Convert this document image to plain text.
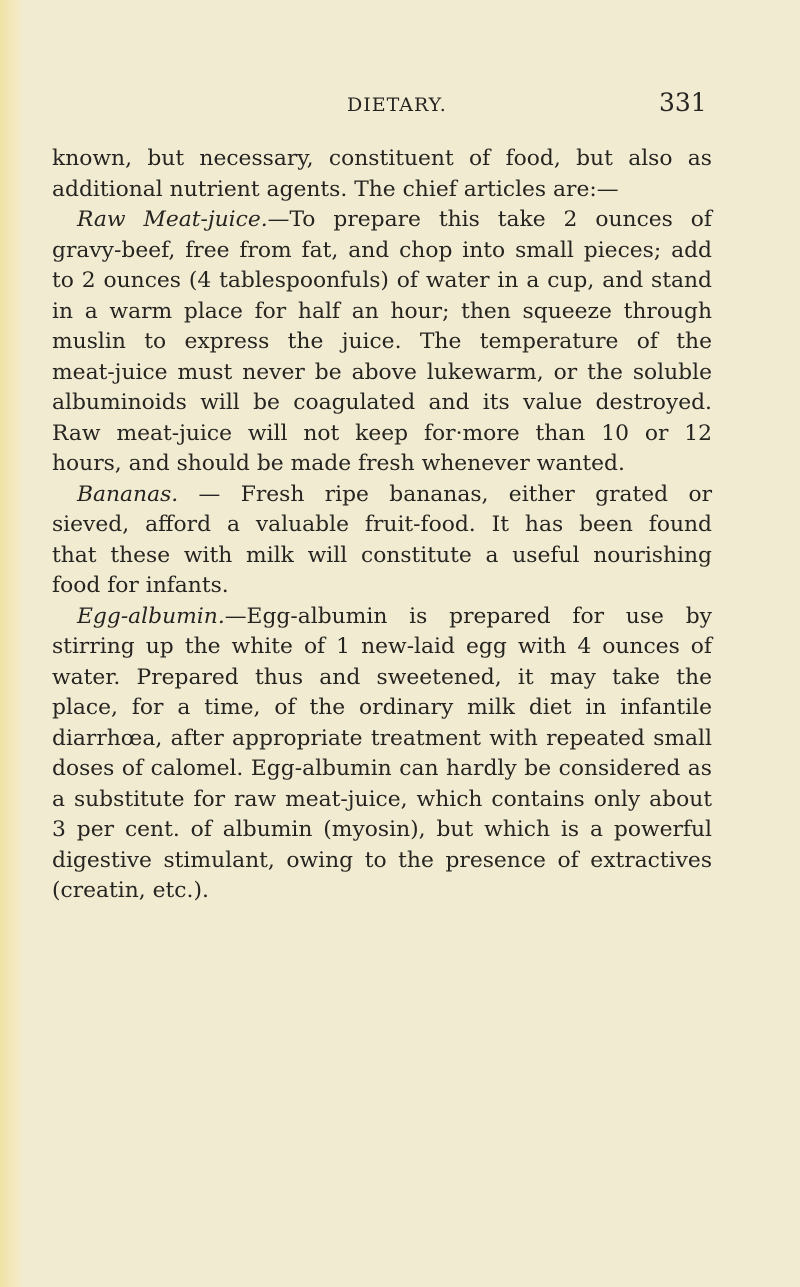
DIETARY.	331
known, but necessary, constituent of food, but also as
additional nutrient agents. The chief articles are:—
Raw Meat-juice.—To prepare this take 2 ounces of
gravy-beef, free from fat, and chop into small pieces; add
to 2 ounces (4 tablespoonfuls) of water in a cup, and stand
in a warm place for half an hour; then squeeze through
muslin to express the juice. The temperature of the
meat-juice must never be above lukewarm, or the soluble
albuminoids will be coagulated and its value destroyed.
Raw meat-juice will not keep for·more than 10 or 12
hours, and should be made fresh whenever wanted.
Bananas. — Fresh ripe bananas, either grated or
sieved, afford a valuable fruit-food. It has been found
that these with milk will constitute a useful nourishing
food for infants.
Egg-albumin.—Egg-albumin is prepared for use by
stirring up the white of 1 new-laid egg with 4 ounces of
water. Prepared thus and sweetened, it may take the
place, for a time, of the ordinary milk diet in infantile
diarrhœa, after appropriate treatment with repeated small
doses of calomel. Egg-albumin can hardly be considered as
a substitute for raw meat-juice, which contains only about
3 per cent. of albumin (myosin), but which is a powerful
digestive stimulant, owing to the presence of extractives
(creatin, etc.).
